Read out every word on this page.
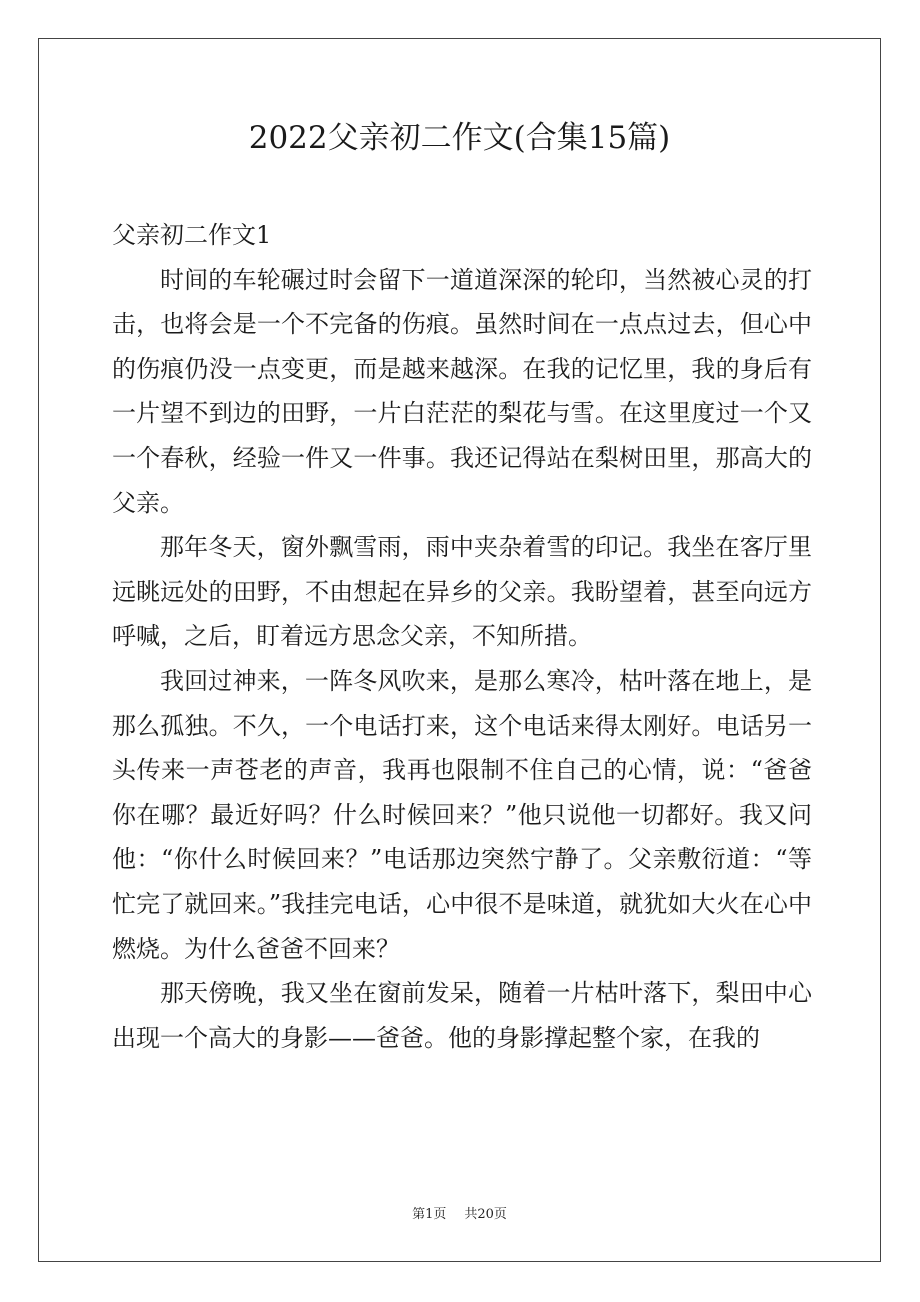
2022父亲初二作文(合集15篇)

父亲初二作文1

时间的车轮碾过时会留下一道道深深的轮印，当然被心灵的打击，也将会是一个不完备的伤痕。虽然时间在一点点过去，但心中的伤痕仍没一点变更，而是越来越深。在我的记忆里，我的身后有一片望不到边的田野，一片白茫茫的梨花与雪。在这里度过一个又一个春秋，经验一件又一件事。我还记得站在梨树田里，那高大的父亲。

那年冬天，窗外飘雪雨，雨中夹杂着雪的印记。我坐在客厅里远眺远处的田野，不由想起在异乡的父亲。我盼望着，甚至向远方呼喊，之后，盯着远方思念父亲，不知所措。

我回过神来，一阵冬风吹来，是那么寒冷，枯叶落在地上，是那么孤独。不久，一个电话打来，这个电话来得太刚好。电话另一头传来一声苍老的声音，我再也限制不住自己的心情，说：“爸爸你在哪？最近好吗？什么时候回来？”他只说他一切都好。我又问他：“你什么时候回来？”电话那边突然宁静了。父亲敷衍道：“等忙完了就回来。”我挂完电话，心中很不是味道，就犹如大火在心中燃烧。为什么爸爸不回来？

那天傍晚，我又坐在窗前发呆，随着一片枯叶落下，梨田中心出现一个高大的身影——爸爸。他的身影撑起整个家，在我的

第1页 共20页
